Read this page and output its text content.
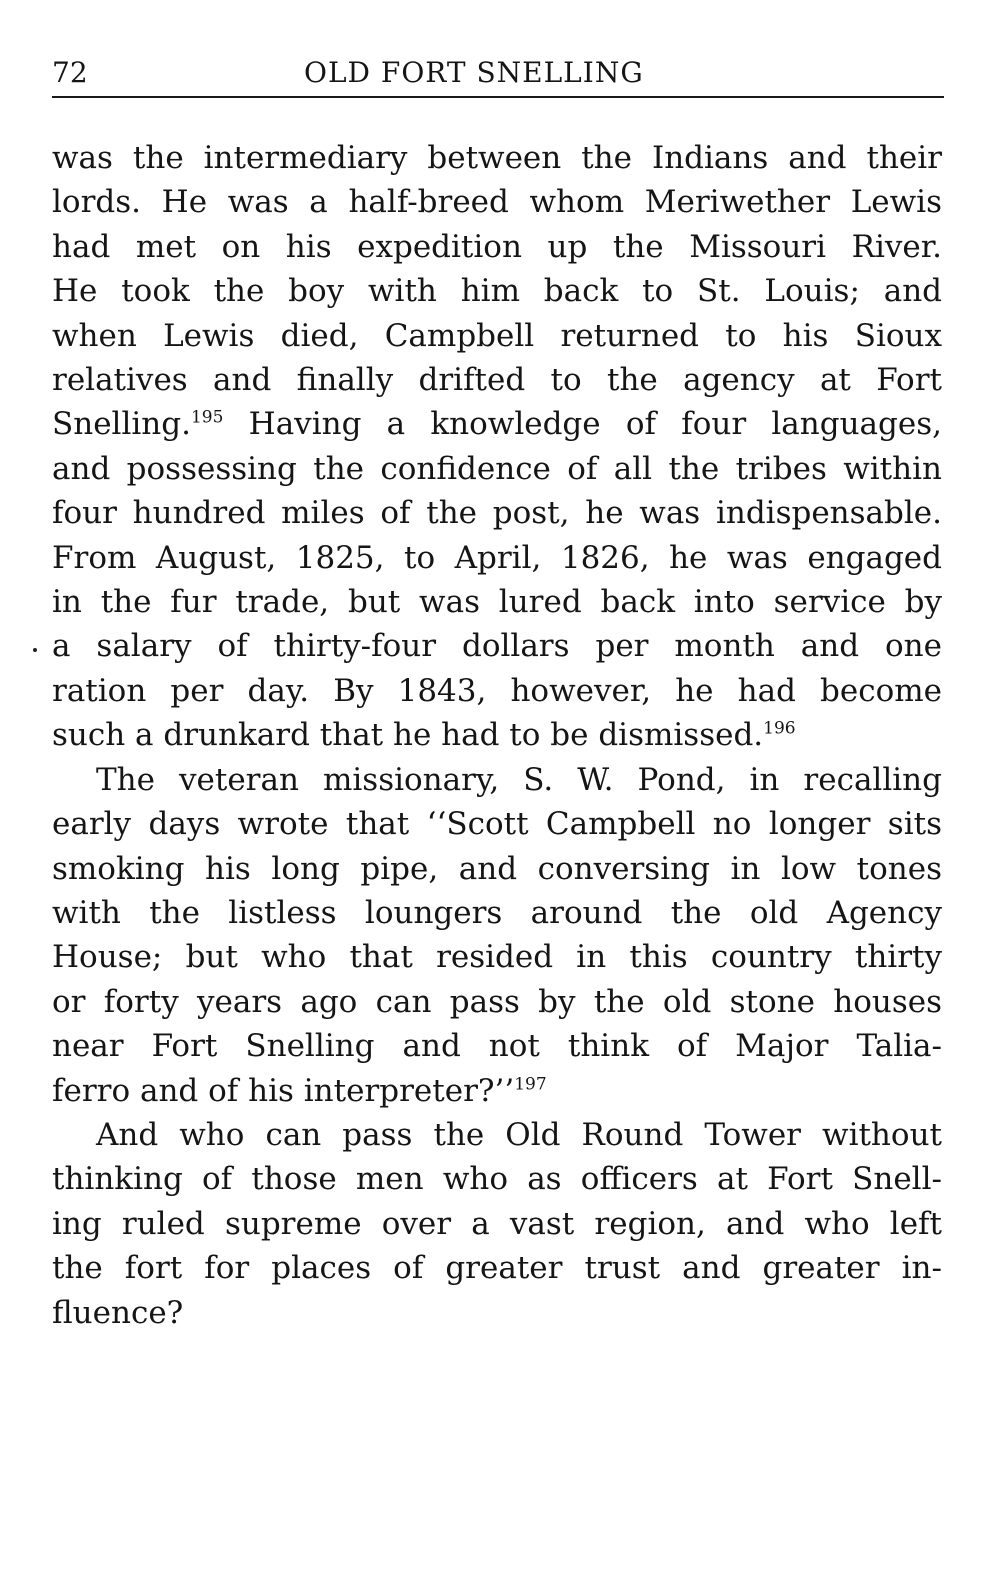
72	OLD FORT SNELLING
was the intermediary between the Indians and their
lords. He was a half-breed whom Meriwether Lewis
had met on his expedition up the Missouri River.
He took the boy with him back to St. Louis; and
when Lewis died, Campbell returned to his Sioux
relatives and finally drifted to the agency at Fort
Snelling.$^{195}$ Having a knowledge of four languages,
and possessing the confidence of all the tribes within
four hundred miles of the post, he was indispensable.
From August, 1825, to April, 1826, he was engaged
in the fur trade, but was lured back into service by
a salary of thirty-four dollars per month and one
ration per day. By 1843, however, he had become
such a drunkard that he had to be dismissed.$^{196}$
The veteran missionary, S. W. Pond, in recalling
early days wrote that ‘‘Scott Campbell no longer sits
smoking his long pipe, and conversing in low tones
with the listless loungers around the old Agency
House; but who that resided in this country thirty
or forty years ago can pass by the old stone houses
near Fort Snelling and not think of Major Talia-
ferro and of his interpreter?’’$^{197}$
And who can pass the Old Round Tower without
thinking of those men who as officers at Fort Snell-
ing ruled supreme over a vast region, and who left
the fort for places of greater trust and greater in-
fluence?
